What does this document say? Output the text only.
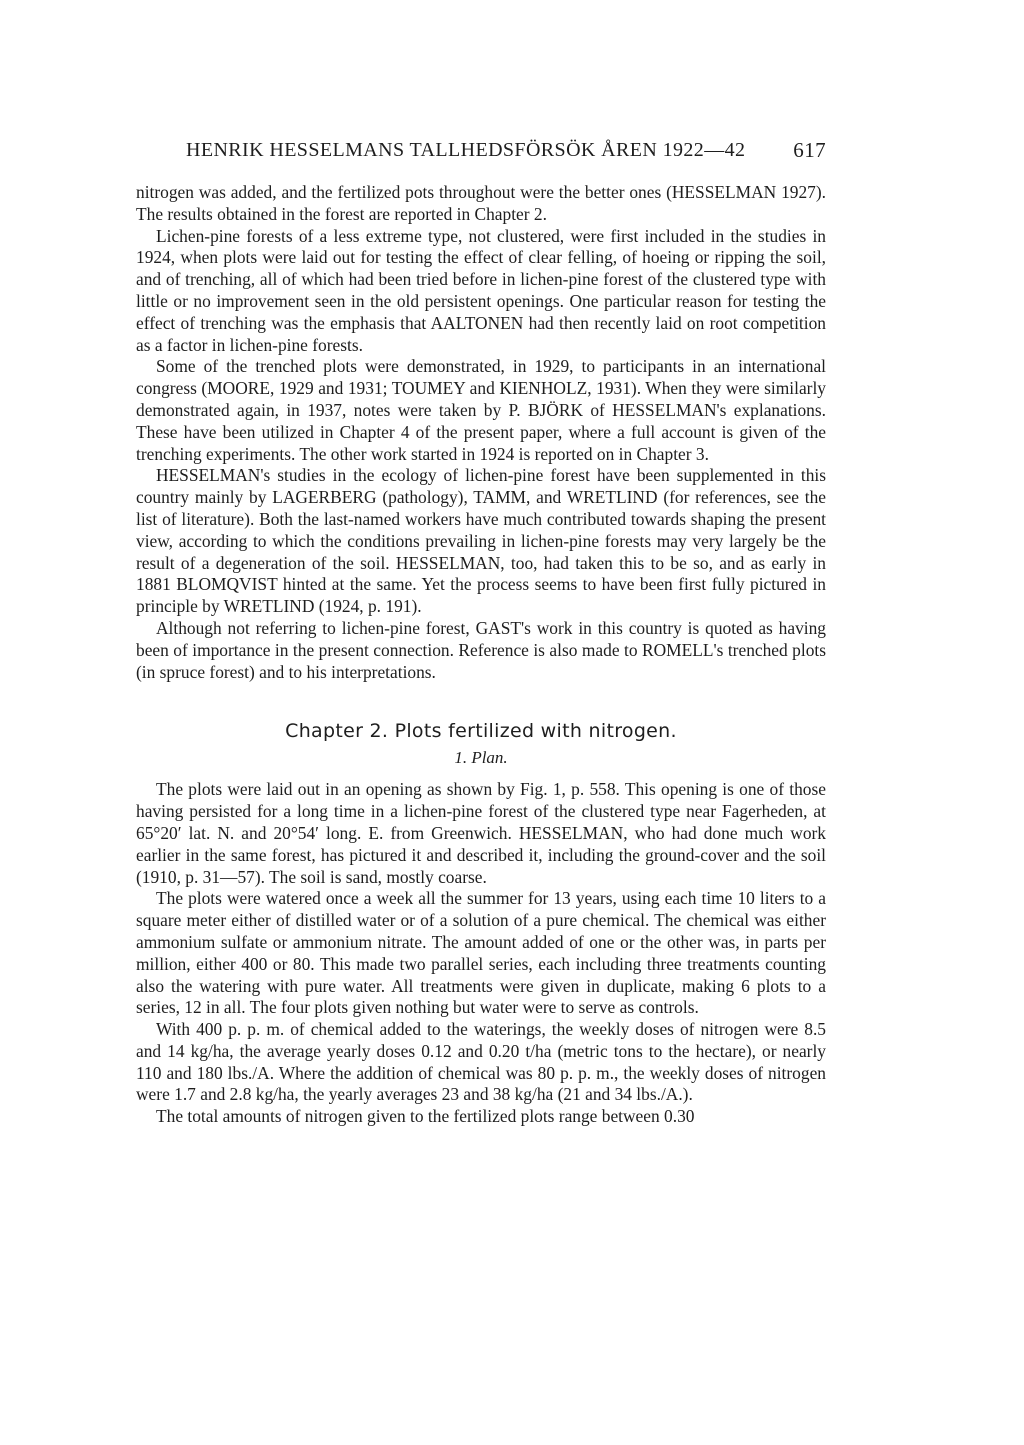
HENRIK HESSELMANS TALLHEDSFÖRSÖK ÅREN 1922—42 617

nitrogen was added, and the fertilized pots throughout were the better ones (HESSELMAN 1927). The results obtained in the forest are reported in Chapter 2.

Lichen-pine forests of a less extreme type, not clustered, were first included in the studies in 1924, when plots were laid out for testing the effect of clear felling, of hoeing or ripping the soil, and of trenching, all of which had been tried before in lichen-pine forest of the clustered type with little or no improvement seen in the old persistent openings. One particular reason for testing the effect of trenching was the emphasis that AALTONEN had then recently laid on root competition as a factor in lichen-pine forests.

Some of the trenched plots were demonstrated, in 1929, to participants in an international congress (MOORE, 1929 and 1931; TOUMEY and KIENHOLZ, 1931). When they were similarly demonstrated again, in 1937, notes were taken by P. BJÖRK of HESSELMAN's explanations. These have been utilized in Chapter 4 of the present paper, where a full account is given of the trenching experiments. The other work started in 1924 is reported on in Chapter 3.

HESSELMAN's studies in the ecology of lichen-pine forest have been supplemented in this country mainly by LAGERBERG (pathology), TAMM, and WRETLIND (for references, see the list of literature). Both the last-named workers have much contributed towards shaping the present view, according to which the conditions prevailing in lichen-pine forests may very largely be the result of a degeneration of the soil. HESSELMAN, too, had taken this to be so, and as early in 1881 BLOMQVIST hinted at the same. Yet the process seems to have been first fully pictured in principle by WRETLIND (1924, p. 191).

Although not referring to lichen-pine forest, GAST's work in this country is quoted as having been of importance in the present connection. Reference is also made to ROMELL's trenched plots (in spruce forest) and to his interpretations.

Chapter 2. Plots fertilized with nitrogen.
1. Plan.

The plots were laid out in an opening as shown by Fig. 1, p. 558. This opening is one of those having persisted for a long time in a lichen-pine forest of the clustered type near Fagerheden, at 65°20′ lat. N. and 20°54′ long. E. from Greenwich. HESSELMAN, who had done much work earlier in the same forest, has pictured it and described it, including the ground-cover and the soil (1910, p. 31—57). The soil is sand, mostly coarse.

The plots were watered once a week all the summer for 13 years, using each time 10 liters to a square meter either of distilled water or of a solution of a pure chemical. The chemical was either ammonium sulfate or ammonium nitrate. The amount added of one or the other was, in parts per million, either 400 or 80. This made two parallel series, each including three treatments counting also the watering with pure water. All treatments were given in duplicate, making 6 plots to a series, 12 in all. The four plots given nothing but water were to serve as controls.

With 400 p. p. m. of chemical added to the waterings, the weekly doses of nitrogen were 8.5 and 14 kg/ha, the average yearly doses 0.12 and 0.20 t/ha (metric tons to the hectare), or nearly 110 and 180 lbs./A. Where the addition of chemical was 80 p. p. m., the weekly doses of nitrogen were 1.7 and 2.8 kg/ha, the yearly averages 23 and 38 kg/ha (21 and 34 lbs./A.).

The total amounts of nitrogen given to the fertilized plots range between 0.30
